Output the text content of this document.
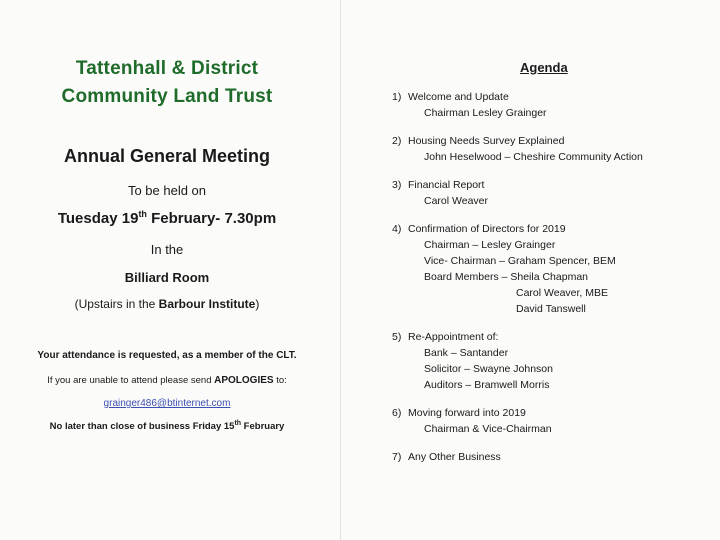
Tattenhall & District
Community Land Trust
Annual General Meeting
To be held on
Tuesday 19th February- 7.30pm
In the
Billiard Room
(Upstairs in the Barbour Institute)
Your attendance is requested, as a member of the CLT.
If you are unable to attend please send APOLOGIES to:
grainger486@btinternet.com
No later than close of business Friday 15th February
Agenda
1) Welcome and Update
Chairman Lesley Grainger
2) Housing Needs Survey Explained
John Heselwood – Cheshire Community Action
3) Financial Report
Carol Weaver
4) Confirmation of Directors for 2019
Chairman – Lesley Grainger
Vice- Chairman – Graham Spencer, BEM
Board Members – Sheila Chapman
Carol Weaver, MBE
David Tanswell
5) Re-Appointment of:
Bank – Santander
Solicitor – Swayne Johnson
Auditors – Bramwell Morris
6) Moving forward into 2019
Chairman & Vice-Chairman
7) Any Other Business
